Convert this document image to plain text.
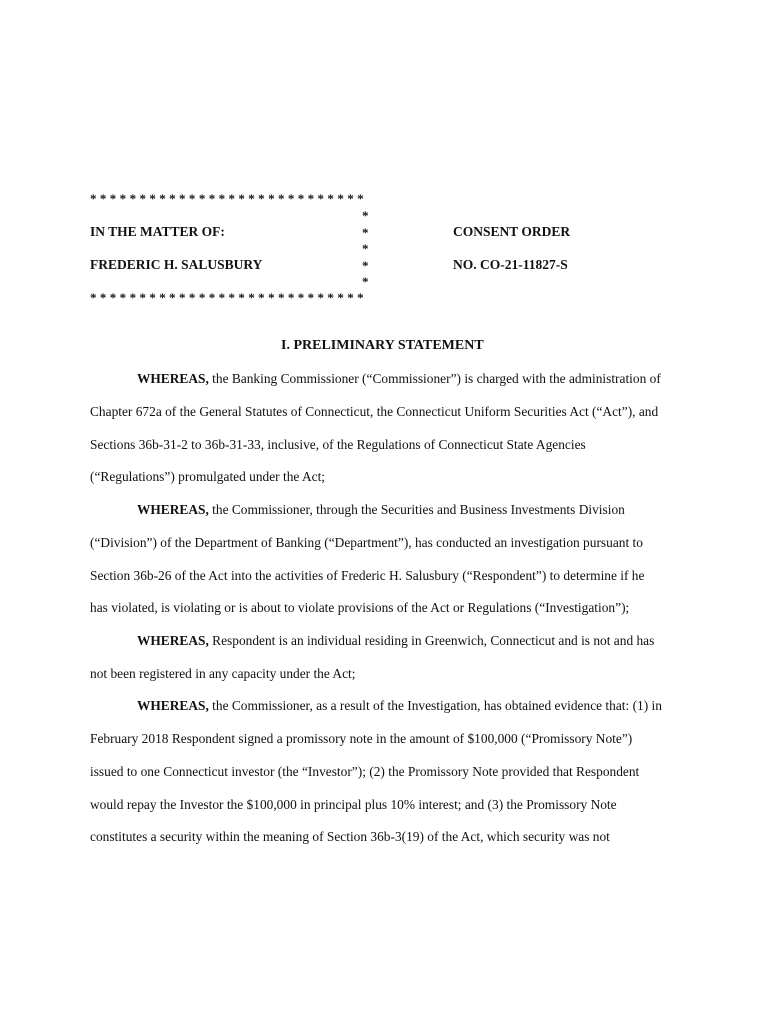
****************************
*
IN THE MATTER OF:	*	CONSENT ORDER
*
FREDERIC H. SALUSBURY	*	NO. CO-21-11827-S
*
****************************
I. PRELIMINARY STATEMENT
WHEREAS, the Banking Commissioner (“Commissioner”) is charged with the administration of
Chapter 672a of the General Statutes of Connecticut, the Connecticut Uniform Securities Act (“Act”), and
Sections 36b-31-2 to 36b-31-33, inclusive, of the Regulations of Connecticut State Agencies
(“Regulations”) promulgated under the Act;
WHEREAS, the Commissioner, through the Securities and Business Investments Division
(“Division”) of the Department of Banking (“Department”), has conducted an investigation pursuant to
Section 36b-26 of the Act into the activities of Frederic H. Salusbury (“Respondent”) to determine if he
has violated, is violating or is about to violate provisions of the Act or Regulations (“Investigation”);
WHEREAS, Respondent is an individual residing in Greenwich, Connecticut and is not and has
not been registered in any capacity under the Act;
WHEREAS, the Commissioner, as a result of the Investigation, has obtained evidence that: (1) in
February 2018 Respondent signed a promissory note in the amount of $100,000 (“Promissory Note”)
issued to one Connecticut investor (the “Investor”); (2) the Promissory Note provided that Respondent
would repay the Investor the $100,000 in principal plus 10% interest; and (3) the Promissory Note
constitutes a security within the meaning of Section 36b-3(19) of the Act, which security was not
